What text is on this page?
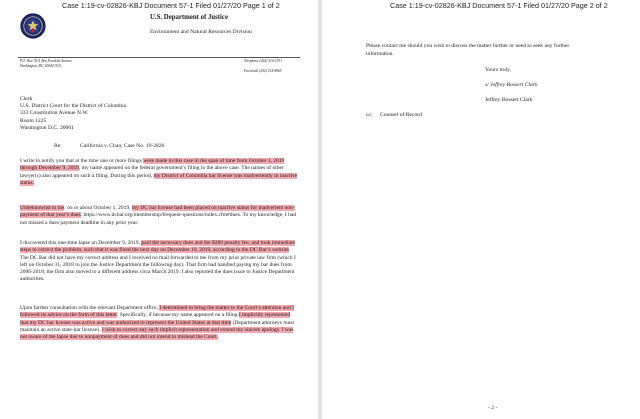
Case 1:19-cv-02826-KBJ Document 57-1 Filed 01/27/20 Page 1 of 2
U.S. Department of Justice
Environment and Natural Resources Division
P.O. Box 7611 Ben Franklin Station
Washington, DC 20044-7611
Telephone (202) 514-2701
Facsimile (202) 514-8865
Clerk
U.S. District Court for the District of Columbia
333 Constitution Avenue N.W.
Room 1225
Washington D.C. 20001
Re:	California v. Chao, Case No. 19-2826
I write to notify you that at the time one or more filings were made in this case in the span of time from October 1, 2019 through December 9, 2019, my name appeared on the federal government’s filing in the above case. The names of other lawyer(s) also appeared on such a filing. During this period, my District of Columbia bar license was inadvertently in inactive status.
Unbeknownst to me, on or about October 1, 2019, my DC bar license had been placed on inactive status for inadvertent non-payment of that year’s dues. https://www.dcbar.org/membership/frequent-questions/index.cfm#dues. To my knowledge, I had not missed a dues payment deadline in any prior year.
I discovered this one-time lapse on December 9, 2019, paid the necessary dues and the $280 penalty fee, and took immediate steps to correct the problem, such that it was fixed the next day on December 10, 2019, according to the DC Bar’s website. The DC Bar did not have my correct address and I received no mail forwarded to me from my prior private law firm (which I left on October 31, 2018 to join the Justice Department the following day). That firm had handled paying my bar dues from 2006-2018; the firm also moved to a different address circa March 2019. I also reported the dues issue to Justice Department authorities.
Upon further consultation with the relevant Department office, I determined to bring the matter to the Court’s attention and I followed its advice on the form of this letter: Specifically, if because my name appeared on a filing I implicitly represented that my DC bar license was active and was authorized to represent the United States at that time (Department attorneys must maintain an active state-bar license). I wish to correct any such implicit representation and extend my sincere apology. I was not aware of the lapse due to nonpayment of dues and did not intend to mislead the Court.
Case 1:19-cv-02826-KBJ Document 57-1 Filed 01/27/20 Page 2 of 2
Please contact me should you wish to discuss the matter further or need to seek any further
information.
Yours truly,
s/ Jeffrey Bossert Clark
Jeffrey Bossert Clark
cc: Counsel of Record
- 2 -
